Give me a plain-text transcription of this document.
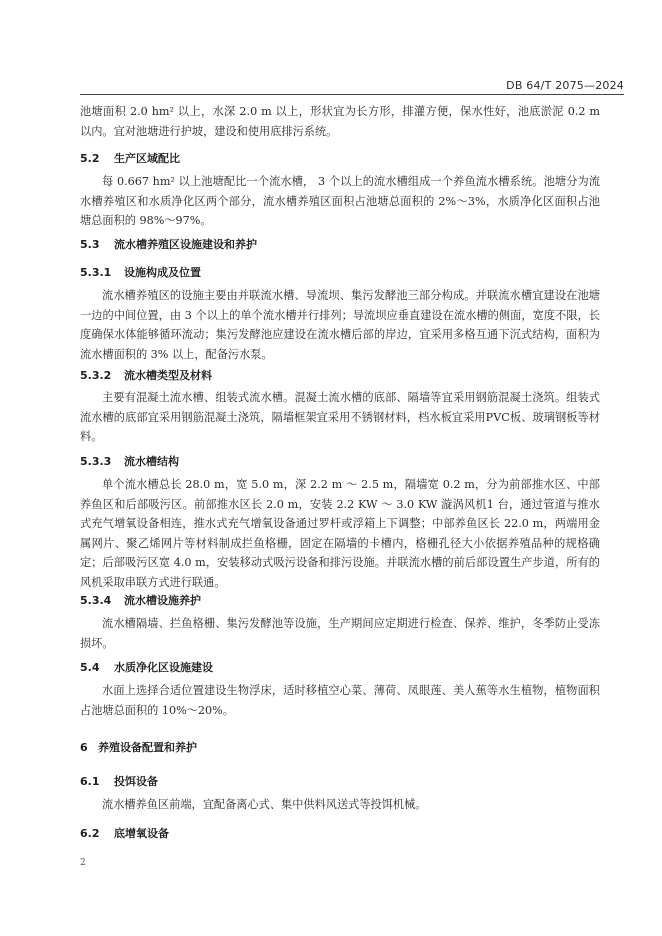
DB 64/T 2075—2024

池塘面积 2.0 hm² 以上，水深 2.0 m 以上，形状宜为长方形，排灌方便，保水性好，池底淤泥 0.2 m 以内。宜对池塘进行护坡，建设和使用底排污系统。

5.2 生产区域配比

每 0.667 hm² 以上池塘配比一个流水槽， 3 个以上的流水槽组成一个养鱼流水槽系统。池塘分为流水槽养殖区和水质净化区两个部分，流水槽养殖区面积占池塘总面积的 2%～3%，水质净化区面积占池塘总面积的 98%～97%。

5.3 流水槽养殖区设施建设和养护
5.3.1 设施构成及位置

流水槽养殖区的设施主要由并联流水槽、导流坝、集污发酵池三部分构成。并联流水槽宜建设在池塘一边的中间位置，由 3 个以上的单个流水槽并行排列；导流坝应垂直建设在流水槽的侧面，宽度不限，长度确保水体能够循环流动；集污发酵池应建设在流水槽后部的岸边，宜采用多格互通下沉式结构，面积为流水槽面积的 3% 以上，配备污水泵。

5.3.2 流水槽类型及材料

主要有混凝土流水槽、组装式流水槽。混凝土流水槽的底部、隔墙等宜采用钢筋混凝土浇筑。组装式流水槽的底部宜采用钢筋混凝土浇筑，隔墙框架宜采用不锈钢材料，档水板宜采用PVC板、玻璃钢板等材料。

5.3.3 流水槽结构

单个流水槽总长 28.0 m，宽 5.0 m，深 2.2 m ～ 2.5 m，隔墙宽 0.2 m，分为前部推水区、中部养鱼区和后部吸污区。前部推水区长 2.0 m，安装 2.2 KW ～ 3.0 KW 漩涡风机1 台，通过管道与推水式充气增氧设备相连，推水式充气增氧设备通过罗杆或浮箱上下调整；中部养鱼区长 22.0 m，两端用金属网片、聚乙烯网片等材料制成拦鱼格栅，固定在隔墙的卡槽内，格栅孔径大小依据养殖品种的规格确定；后部吸污区宽 4.0 m，安装移动式吸污设备和排污设施。并联流水槽的前后部设置生产步道，所有的风机采取串联方式进行联通。

5.3.4 流水槽设施养护

流水槽隔墙、拦鱼格栅、集污发酵池等设施，生产期间应定期进行检查、保养、维护，冬季防止受冻损坏。

5.4 水质净化区设施建设

水面上选择合适位置建设生物浮床，适时移植空心菜、薄荷、凤眼莲、美人蕉等水生植物，植物面积占池塘总面积的 10%～20%。

6 养殖设备配置和养护
6.1 投饵设备

流水槽养鱼区前端，宜配备离心式、集中供料风送式等投饵机械。

6.2 底增氧设备
2
